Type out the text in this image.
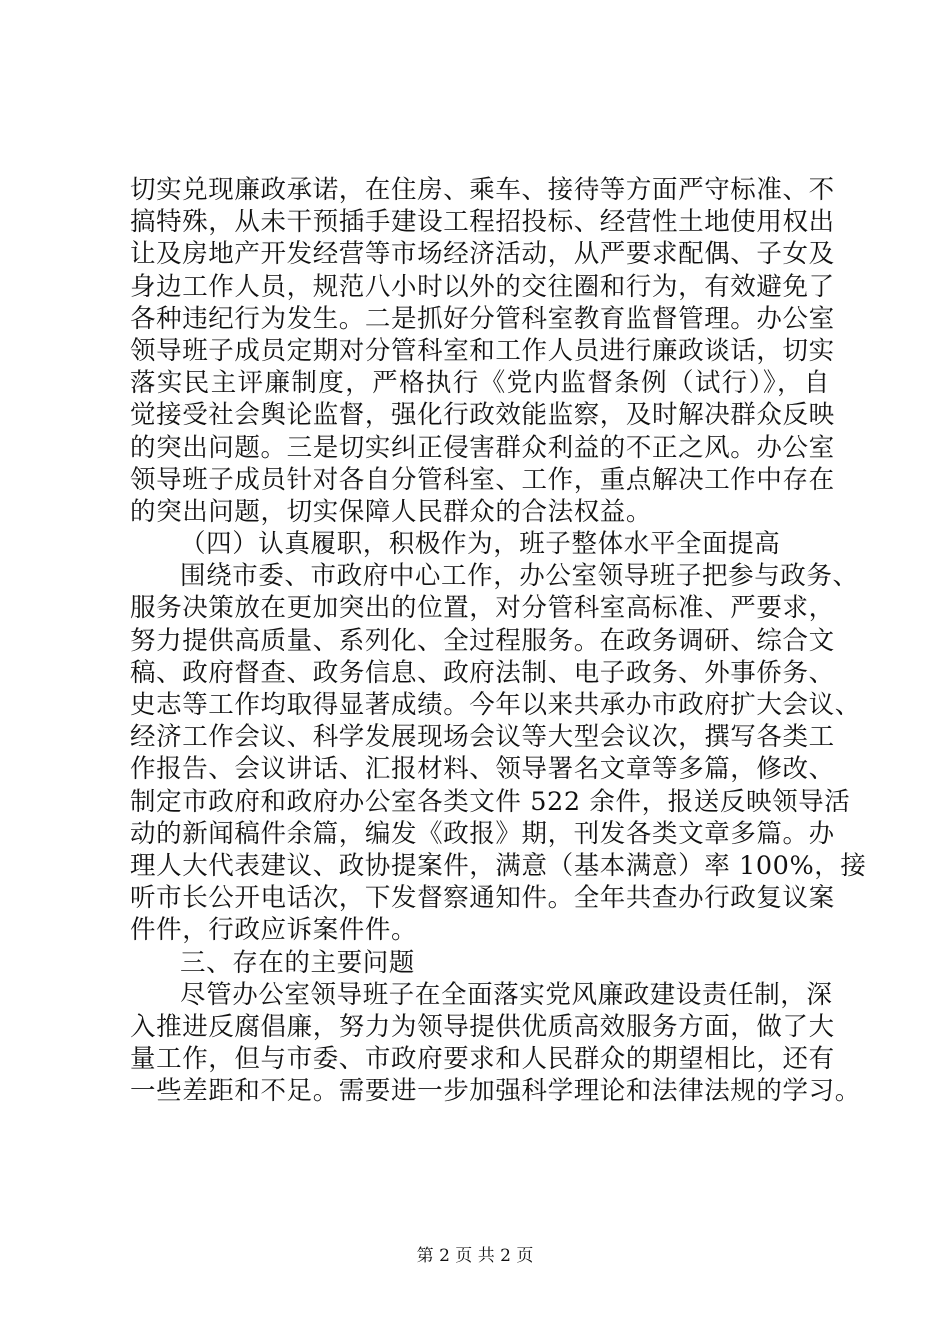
切实兑现廉政承诺，在住房、乘车、接待等方面严守标准、不
搞特殊，从未干预插手建设工程招投标、经营性土地使用权出
让及房地产开发经营等市场经济活动，从严要求配偶、子女及
身边工作人员，规范八小时以外的交往圈和行为，有效避免了
各种违纪行为发生。二是抓好分管科室教育监督管理。办公室
领导班子成员定期对分管科室和工作人员进行廉政谈话，切实
落实民主评廉制度，严格执行《党内监督条例（试行）》，自
觉接受社会舆论监督，强化行政效能监察，及时解决群众反映
的突出问题。三是切实纠正侵害群众利益的不正之风。办公室
领导班子成员针对各自分管科室、工作，重点解决工作中存在
的突出问题，切实保障人民群众的合法权益。
（四）认真履职，积极作为，班子整体水平全面提高
围绕市委、市政府中心工作，办公室领导班子把参与政务、
服务决策放在更加突出的位置，对分管科室高标准、严要求，
努力提供高质量、系列化、全过程服务。在政务调研、综合文
稿、政府督查、政务信息、政府法制、电子政务、外事侨务、
史志等工作均取得显著成绩。今年以来共承办市政府扩大会议、
经济工作会议、科学发展现场会议等大型会议次，撰写各类工
作报告、会议讲话、汇报材料、领导署名文章等多篇，修改、
制定市政府和政府办公室各类文件 522 余件，报送反映领导活
动的新闻稿件余篇，编发《政报》期，刊发各类文章多篇。办
理人大代表建议、政协提案件，满意（基本满意）率 100%，接
听市长公开电话次，下发督察通知件。全年共查办行政复议案
件件，行政应诉案件件。
三、存在的主要问题
尽管办公室领导班子在全面落实党风廉政建设责任制，深
入推进反腐倡廉，努力为领导提供优质高效服务方面，做了大
量工作，但与市委、市政府要求和人民群众的期望相比，还有
一些差距和不足。需要进一步加强科学理论和法律法规的学习。
第 2 页 共 2 页
